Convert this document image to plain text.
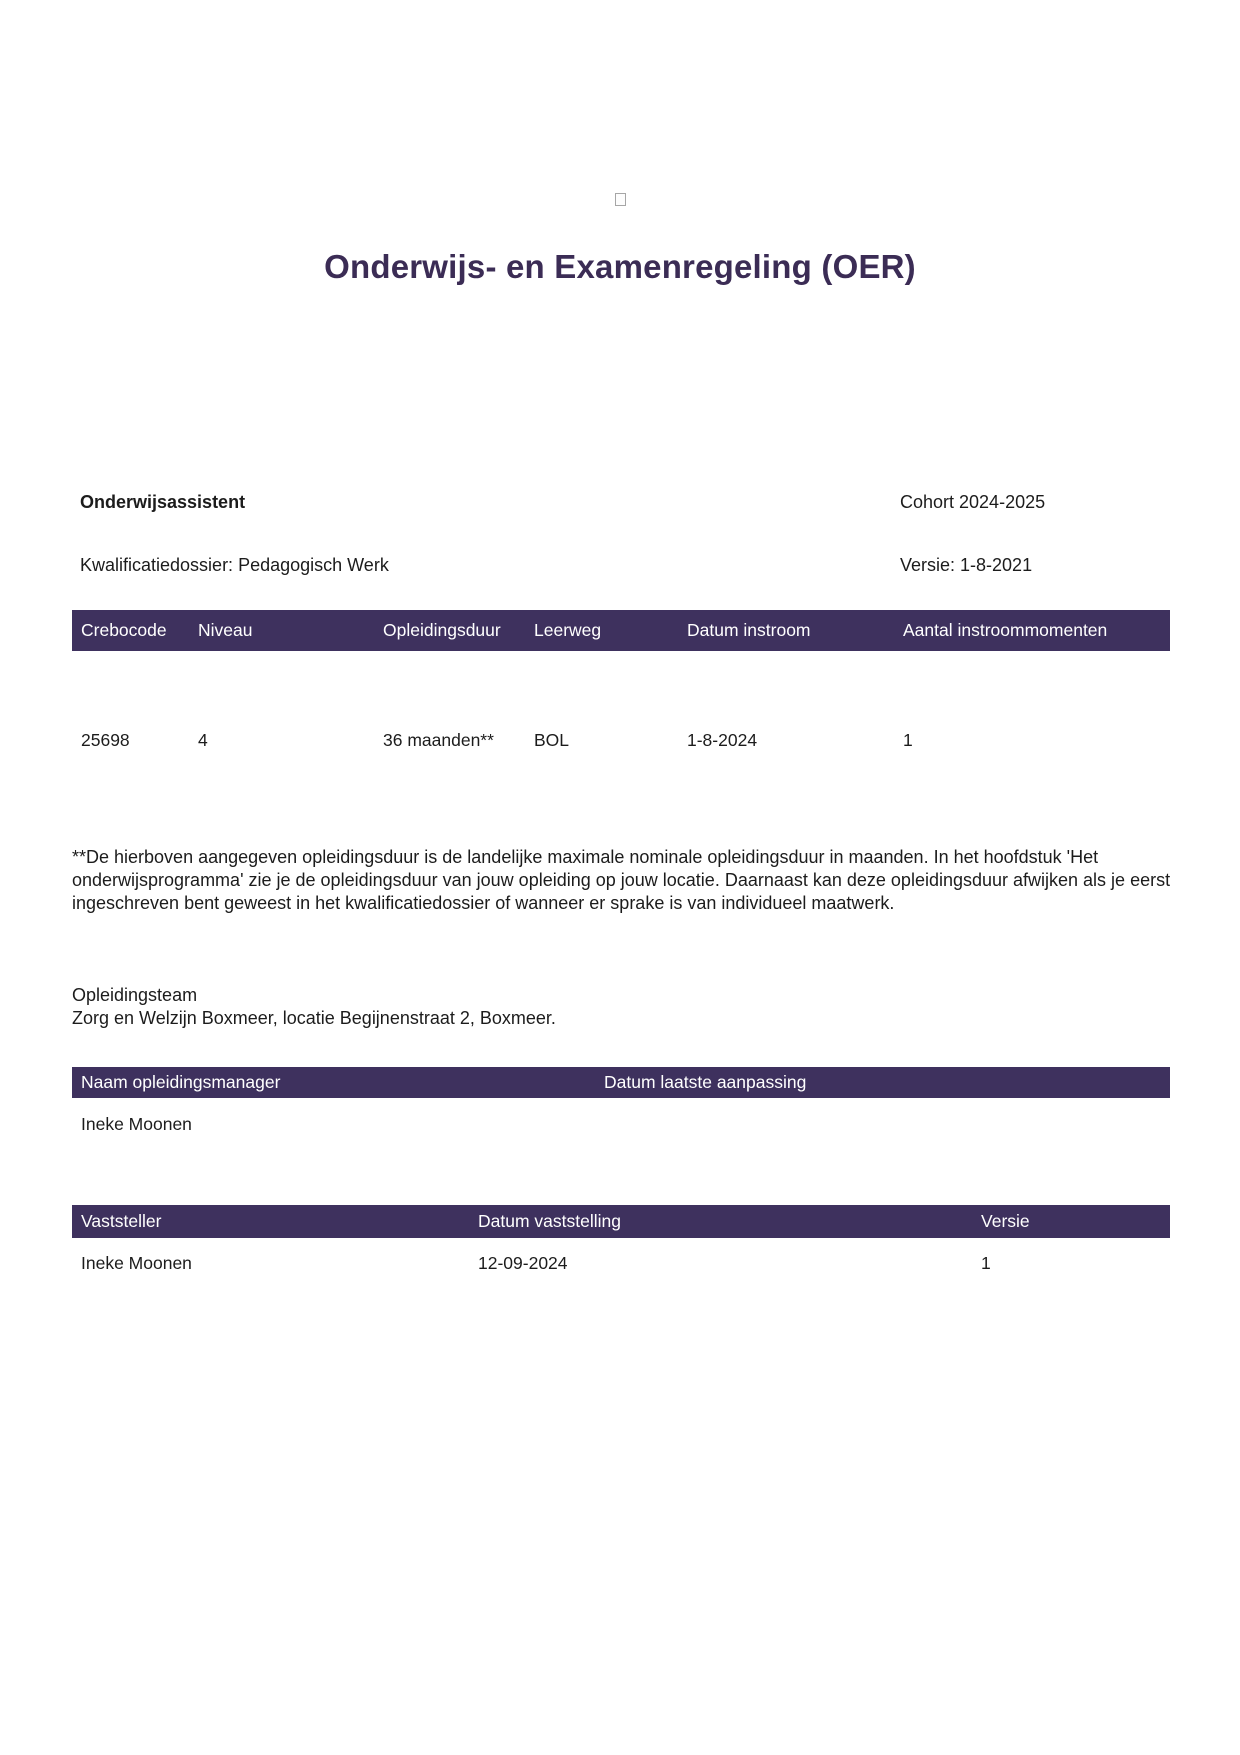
Onderwijs- en Examenregeling (OER)
Onderwijsassistent	Cohort 2024-2025
Kwalificatiedossier: Pedagogisch Werk	Versie: 1-8-2021
Crebocode	Niveau	Opleidingsduur	Leerweg	Datum instroom	Aantal instroommomenten
25698	4	36 maanden**	BOL	1-8-2024	1

**De hierboven aangegeven opleidingsduur is de landelijke maximale nominale opleidingsduur in maanden. In het hoofdstuk 'Het onderwijsprogramma' zie je de opleidingsduur van jouw opleiding op jouw locatie. Daarnaast kan deze opleidingsduur afwijken als je eerst ingeschreven bent geweest in het kwalificatiedossier of wanneer er sprake is van individueel maatwerk.

Opleidingsteam
Zorg en Welzijn Boxmeer, locatie Begijnenstraat 2, Boxmeer.
Naam opleidingsmanager	Datum laatste aanpassing
Ineke Moonen
Vaststeller	Datum vaststelling	Versie
Ineke Moonen	12-09-2024	1
